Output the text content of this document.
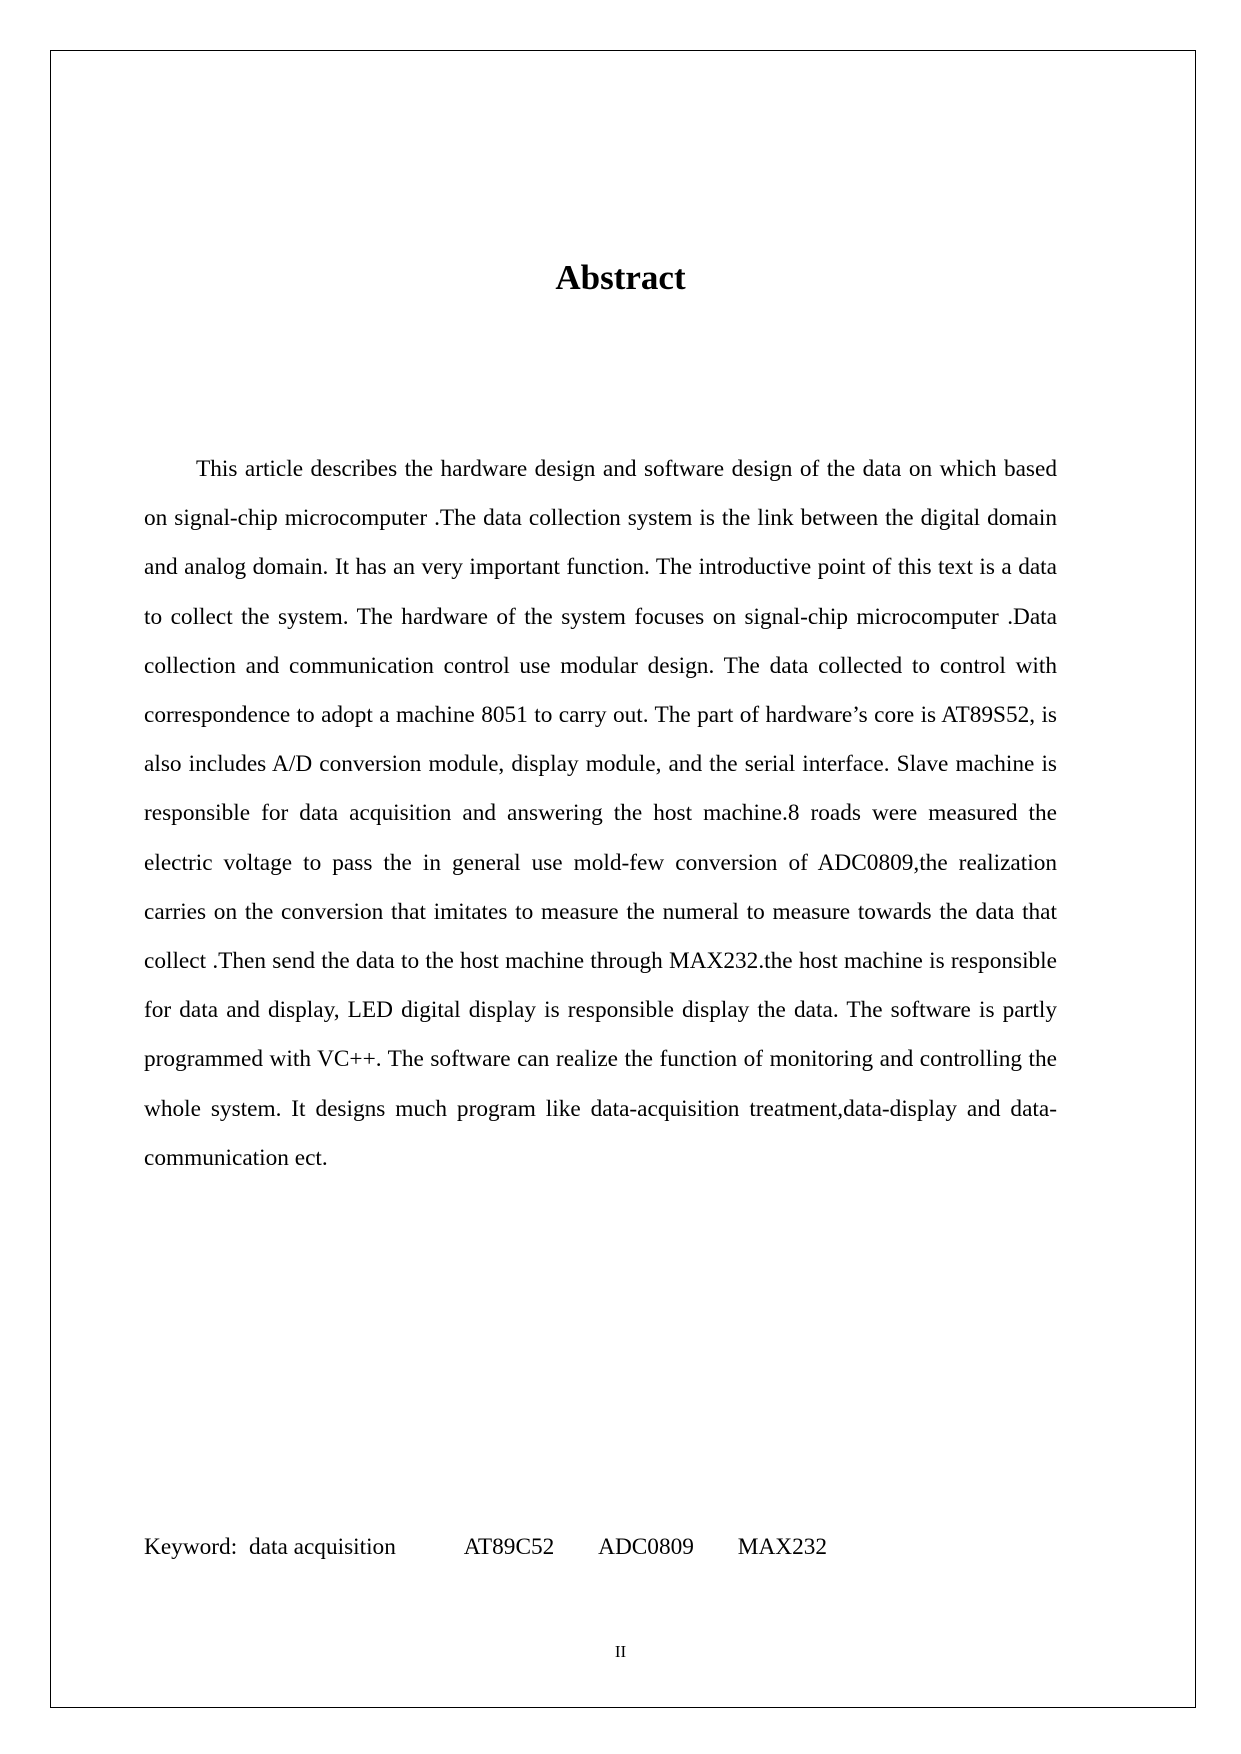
Abstract

This article describes the hardware design and software design of the data on which based on signal-chip microcomputer .The data collection system is the link between the digital domain and analog domain. It has an very important function. The introductive point of this text is a data to collect the system. The hardware of the system focuses on signal-chip microcomputer .Data collection and communication control use modular design. The data collected to control with correspondence to adopt a machine 8051 to carry out. The part of hardware’s core is AT89S52, is also includes A/D conversion module, display module, and the serial interface. Slave machine is responsible for data acquisition and answering the host machine.8 roads were measured the electric voltage to pass the in general use mold-few conversion of ADC0809,the realization carries on the conversion that imitates to measure the numeral to measure towards the data that collect .Then send the data to the host machine through MAX232.the host machine is responsible for data and display, LED digital display is responsible display the data. The software is partly programmed with VC++. The software can realize the function of monitoring and controlling the whole system. It designs much program like data-acquisition treatment,data-display and data-communication ect.

Keyword: data acquisition	AT89C52 ADC0809 MAX232
II
